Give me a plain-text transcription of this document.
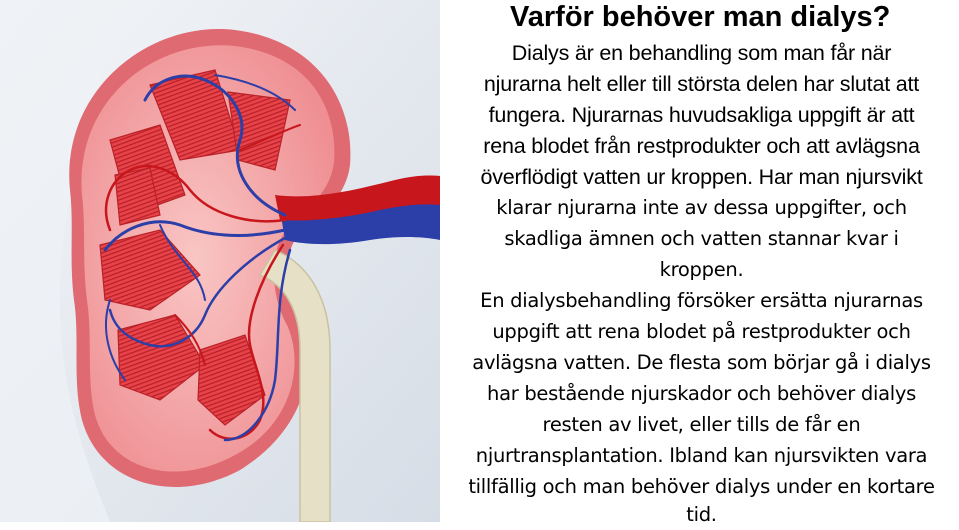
Varför behöver man dialys?
Dialys är en behandling som man får när
njurarna helt eller till största delen har slutat att
fungera. Njurarnas huvudsakliga uppgift är att
rena blodet från restprodukter och att avlägsna
överflödigt vatten ur kroppen. Har man njursvikt
klarar njurarna inte av dessa uppgifter, och
skadliga ämnen och vatten stannar kvar i
kroppen.
En dialysbehandling försöker ersätta njurarnas
uppgift att rena blodet på restprodukter och
avlägsna vatten. De flesta som börjar gå i dialys
har bestående njurskador och behöver dialys
resten av livet, eller tills de får en
njurtransplantation. Ibland kan njursvikten vara
tillfällig och man behöver dialys under en kortare
tid.
